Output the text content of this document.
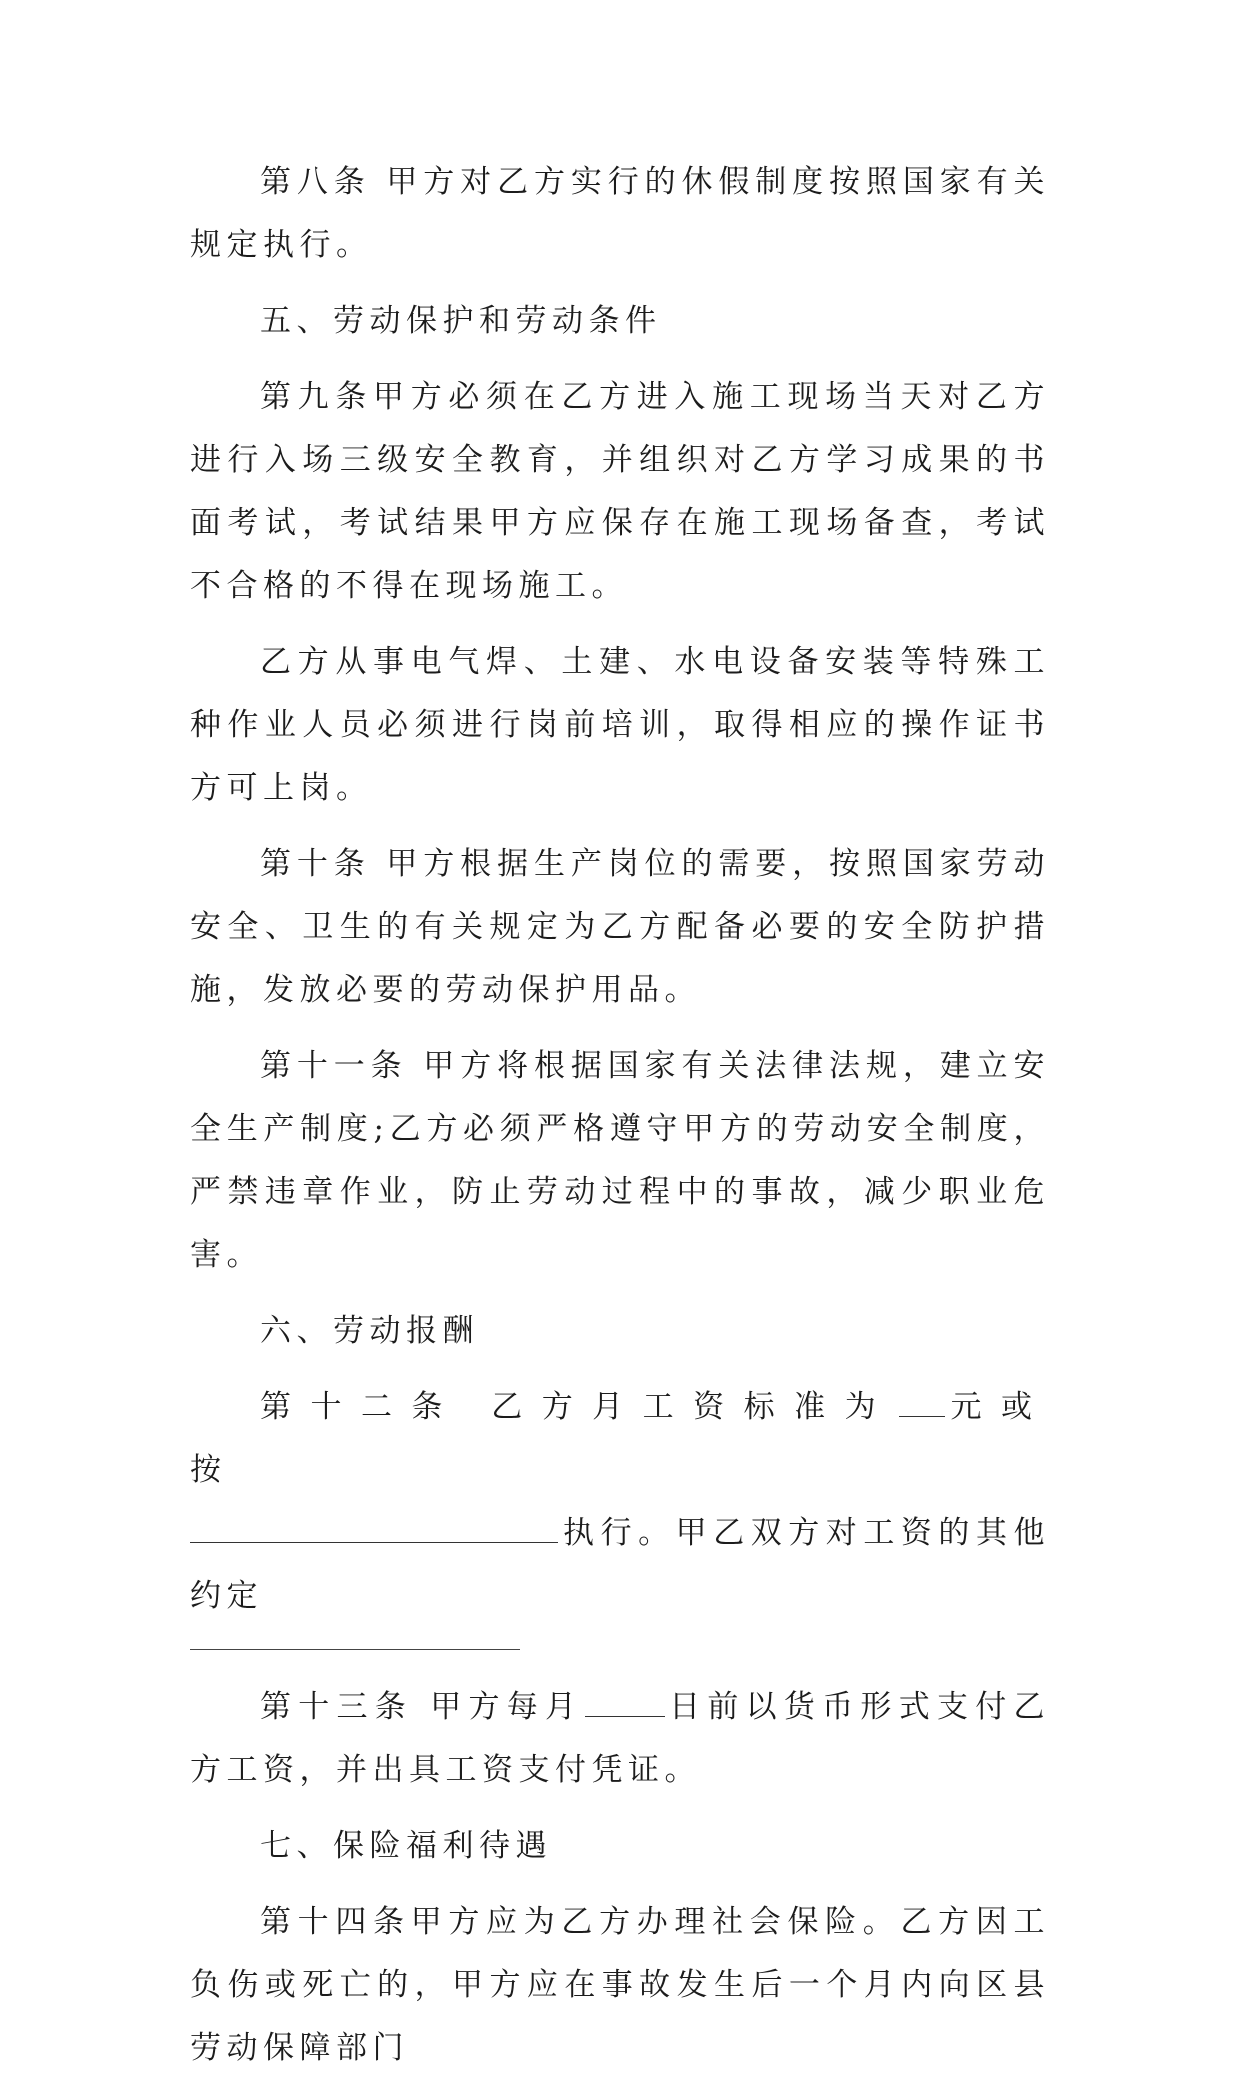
第八条 甲方对乙方实行的休假制度按照国家有关规定执行。

五、劳动保护和劳动条件

第九条甲方必须在乙方进入施工现场当天对乙方进行入场三级安全教育，并组织对乙方学习成果的书面考试，考试结果甲方应保存在施工现场备查，考试不合格的不得在现场施工。

乙方从事电气焊、土建、水电设备安装等特殊工种作业人员必须进行岗前培训，取得相应的操作证书方可上岗。

第十条 甲方根据生产岗位的需要，按照国家劳动安全、卫生的有关规定为乙方配备必要的安全防护措施，发放必要的劳动保护用品。

第十一条 甲方将根据国家有关法律法规，建立安全生产制度;乙方必须严格遵守甲方的劳动安全制度，严禁违章作业，防止劳动过程中的事故，减少职业危害。

六、劳动报酬

第十二条 乙方月工资标准为 元或按
执行。甲乙双方对工资的其他约定

第十三条 甲方每月	日前以货币形式支付乙方工资，并出具工资支付凭证。

七、保险福利待遇

第十四条甲方应为乙方办理社会保险。乙方因工负伤或死亡的，甲方应在事故发生后一个月内向区县劳动保障部门
